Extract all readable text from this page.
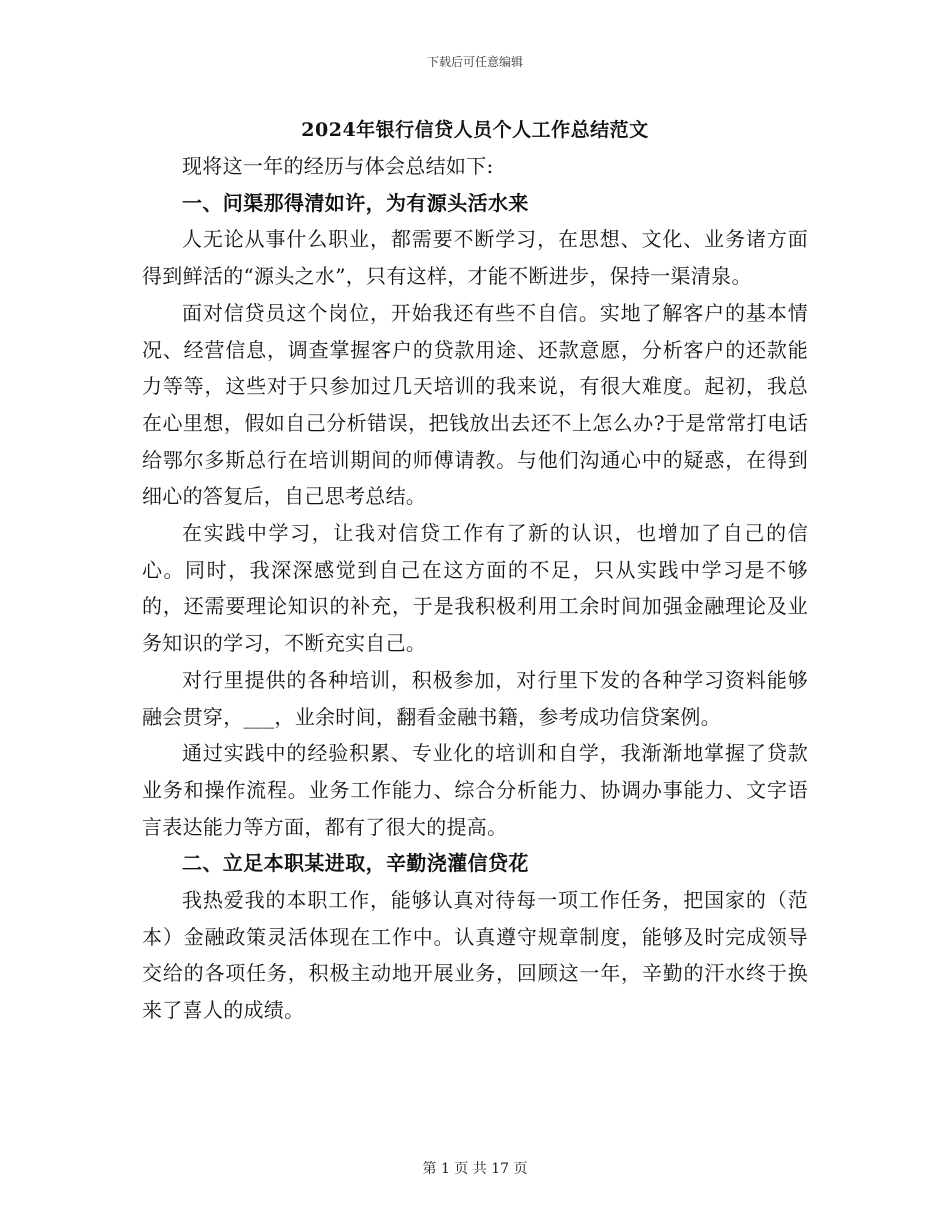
下载后可任意编辑
2024年银行信贷人员个人工作总结范文

现将这一年的经历与体会总结如下:

一、问渠那得清如许，为有源头活水来

人无论从事什么职业，都需要不断学习，在思想、文化、业务诸方面得到鲜活的“源头之水”，只有这样，才能不断进步，保持一渠清泉。

面对信贷员这个岗位，开始我还有些不自信。实地了解客户的基本情况、经营信息，调查掌握客户的贷款用途、还款意愿，分析客户的还款能力等等，这些对于只参加过几天培训的我来说，有很大难度。起初，我总在心里想，假如自己分析错误，把钱放出去还不上怎么办?于是常常打电话给鄂尔多斯总行在培训期间的师傅请教。与他们沟通心中的疑惑，在得到细心的答复后，自己思考总结。

在实践中学习，让我对信贷工作有了新的认识，也增加了自己的信心。同时，我深深感觉到自己在这方面的不足，只从实践中学习是不够的，还需要理论知识的补充，于是我积极利用工余时间加强金融理论及业务知识的学习，不断充实自己。

对行里提供的各种培训，积极参加，对行里下发的各种学习资料能够融会贯穿，___，业余时间，翻看金融书籍，参考成功信贷案例。

通过实践中的经验积累、专业化的培训和自学，我渐渐地掌握了贷款业务和操作流程。业务工作能力、综合分析能力、协调办事能力、文字语言表达能力等方面，都有了很大的提高。

二、立足本职某进取，辛勤浇灌信贷花

我热爱我的本职工作，能够认真对待每一项工作任务，把国家的（范本）金融政策灵活体现在工作中。认真遵守规章制度，能够及时完成领导交给的各项任务，积极主动地开展业务，回顾这一年，辛勤的汗水终于换来了喜人的成绩。

第 1 页 共 17 页
